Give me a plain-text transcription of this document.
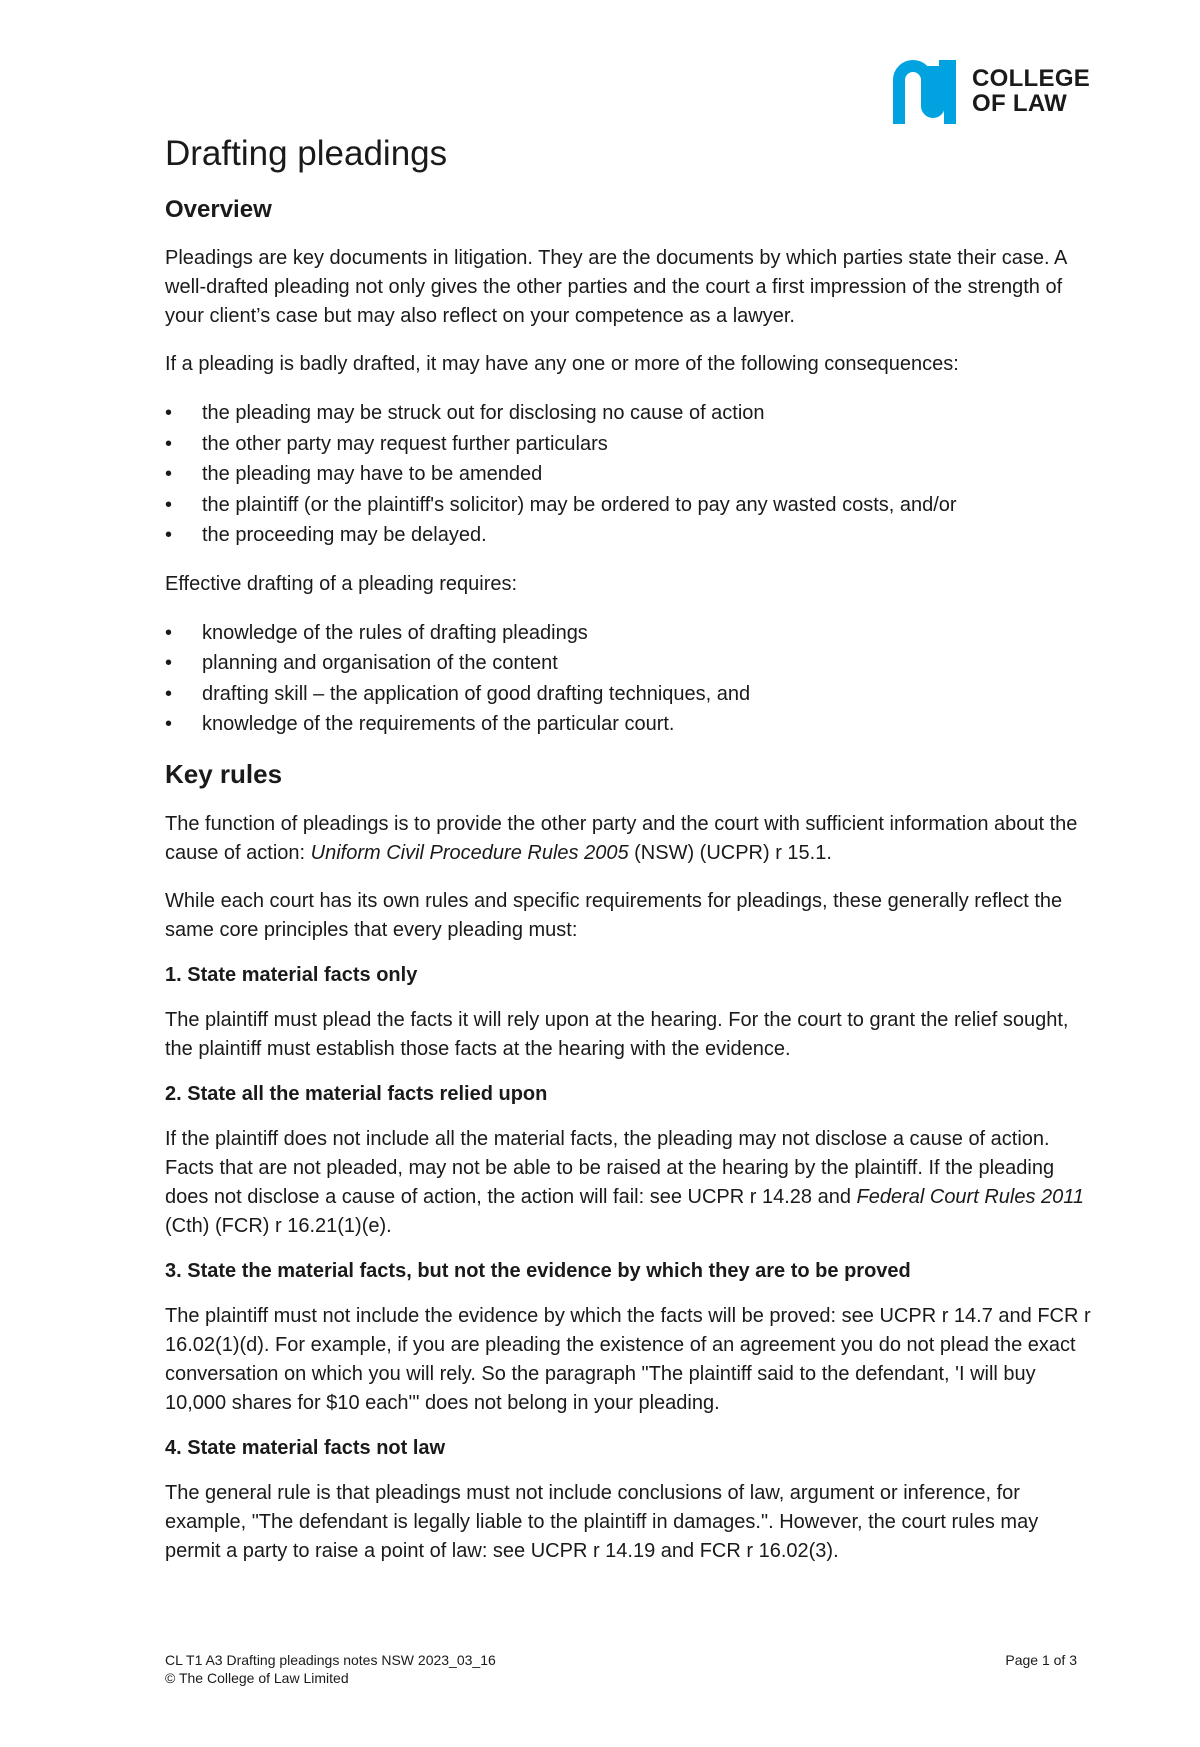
COLLEGE
OF LAW
Drafting pleadings
Overview

Pleadings are key documents in litigation. They are the documents by which parties state their case. A well-drafted pleading not only gives the other parties and the court a first impression of the strength of your client’s case but may also reflect on your competence as a lawyer.

If a pleading is badly drafted, it may have any one or more of the following consequences:

• the pleading may be struck out for disclosing no cause of action
• the other party may request further particulars
• the pleading may have to be amended
• the plaintiff (or the plaintiff's solicitor) may be ordered to pay any wasted costs, and/or
• the proceeding may be delayed.

Effective drafting of a pleading requires:

• knowledge of the rules of drafting pleadings
• planning and organisation of the content
• drafting skill – the application of good drafting techniques, and
• knowledge of the requirements of the particular court.
Key rules

The function of pleadings is to provide the other party and the court with sufficient information about the cause of action: Uniform Civil Procedure Rules 2005 (NSW) (UCPR) r 15.1.

While each court has its own rules and specific requirements for pleadings, these generally reflect the same core principles that every pleading must:

1. State material facts only

The plaintiff must plead the facts it will rely upon at the hearing. For the court to grant the relief sought, the plaintiff must establish those facts at the hearing with the evidence.

2. State all the material facts relied upon

If the plaintiff does not include all the material facts, the pleading may not disclose a cause of action. Facts that are not pleaded, may not be able to be raised at the hearing by the plaintiff. If the pleading does not disclose a cause of action, the action will fail: see UCPR r 14.28 and Federal Court Rules 2011 (Cth) (FCR) r 16.21(1)(e).

3. State the material facts, but not the evidence by which they are to be proved

The plaintiff must not include the evidence by which the facts will be proved: see UCPR r 14.7 and FCR r 16.02(1)(d). For example, if you are pleading the existence of an agreement you do not plead the exact conversation on which you will rely. So the paragraph "The plaintiff said to the defendant, 'I will buy 10,000 shares for $10 each'" does not belong in your pleading.

4. State material facts not law

The general rule is that pleadings must not include conclusions of law, argument or inference, for example, "The defendant is legally liable to the plaintiff in damages.". However, the court rules may permit a party to raise a point of law: see UCPR r 14.19 and FCR r 16.02(3).

CL T1 A3 Drafting pleadings notes NSW 2023_03_16
© The College of Law Limited
Page 1 of 3
